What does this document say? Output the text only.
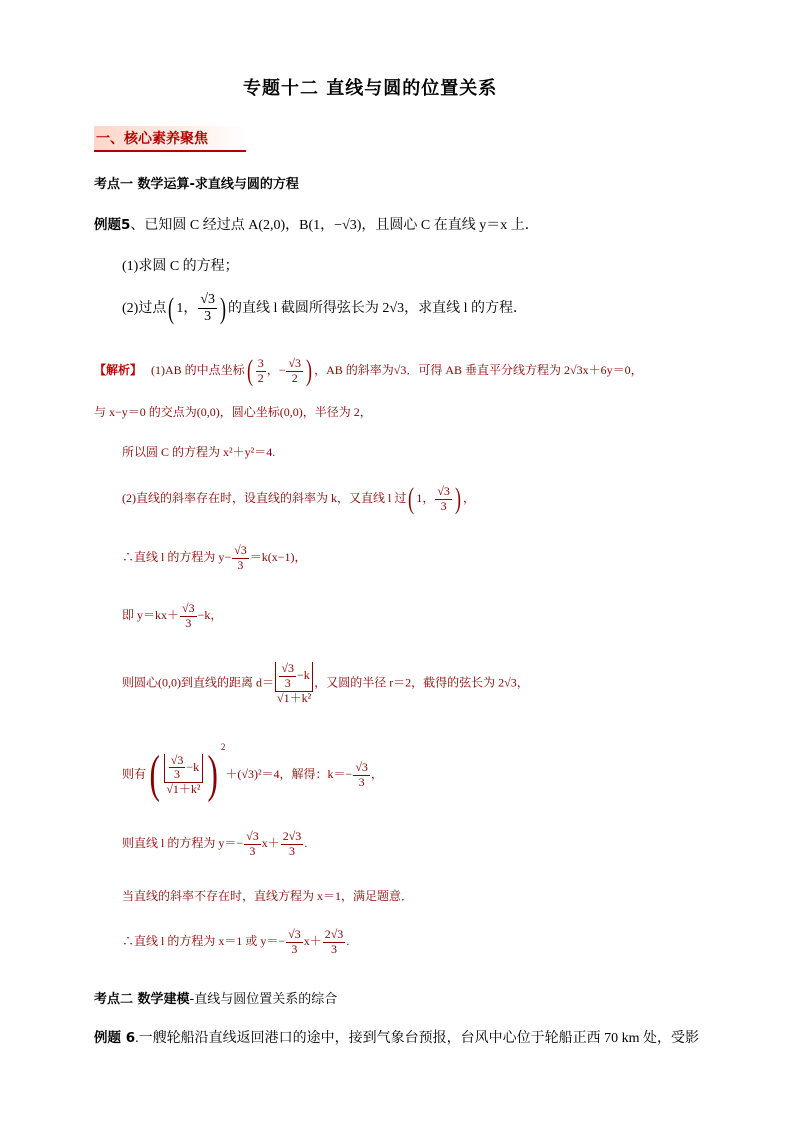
专题十二 直线与圆的位置关系
一、核心素养聚焦
考点一 数学运算-求直线与圆的方程
例题5、已知圆 C 经过点 A(2,0)，B(1，−√3)，且圆心 C 在直线 y＝x 上．
(1)求圆 C 的方程；
(2)过点( 1， $\frac{√3}{3}$ ) 的直线 l 截圆所得弦长为 2√3，求直线 l 的方程．
【解析】 (1)AB 的中点坐标( $\frac{3}{2}$ ，− $\frac{√3}{2}$ ) ，AB 的斜率为√3．可得 AB 垂直平分线方程为 2√3x＋6y＝0，
与 x−y＝0 的交点为(0,0)，圆心坐标(0,0)，半径为 2，
所以圆 C 的方程为 x²＋y²＝4.
(2)直线的斜率存在时，设直线的斜率为 k，又直线 l 过( 1， $\frac{√3}{3}$ ) ，
∴直线 l 的方程为 $y- \frac{√3}{3} =k(x-1)$，
即 $y=kx+ \frac{√3}{3} -k$，
则圆心(0,0)到直线的距离 $d= \frac{\frac{√3}{3} -k}{\text{√1＋k²}}$ ，又圆的半径 r＝2，截得的弦长为 2√3，
则有( $\frac{\frac{√3}{3} -k}{\text{√1＋k²}}$ ) $^2$＋(√3)²＝4，解得：$k=- \frac{√3}{3}$ ，
则直线 l 的方程为 $y=- \frac{√3}{3} x+ \frac{2√3}{3}$ .
当直线的斜率不存在时，直线方程为 x＝1，满足题意．
∴直线 l 的方程为 x＝1 或 $y=- \frac{√3}{3} x+ \frac{2√3}{3}$ .
考点二 数学建模-直线与圆位置关系的综合
例题 6.一艘轮船沿直线返回港口的途中，接到气象台预报，台风中心位于轮船正西 70 km 处，受影
